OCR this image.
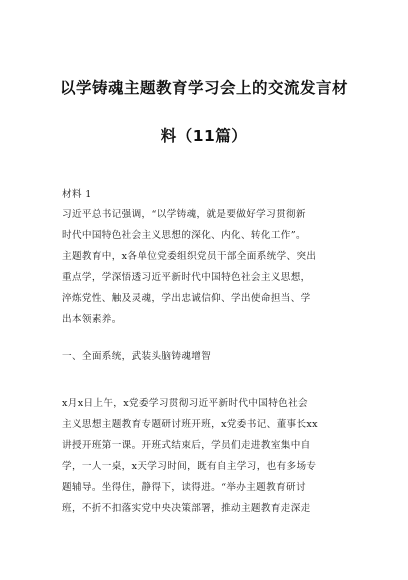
以学铸魂主题教育学习会上的交流发言材
料（11篇）
材料 1
习近平总书记强调，“以学铸魂，就是要做好学习贯彻新
时代中国特色社会主义思想的深化、内化、转化工作”。
主题教育中，x各单位党委组织党员干部全面系统学、突出
重点学，学深悟透习近平新时代中国特色社会主义思想，
淬炼党性、触及灵魂，学出忠诚信仰、学出使命担当、学
出本领素养。
一、全面系统，武装头脑铸魂增智
x月x日上午，x党委学习贯彻习近平新时代中国特色社会
主义思想主题教育专题研讨班开班，x党委书记、董事长xx
讲授开班第一课。开班式结束后，学员们走进教室集中自
学，一人一桌，x天学习时间，既有自主学习，也有多场专
题辅导。坐得住，静得下，读得进。“举办主题教育研讨
班，不折不扣落实党中央决策部署，推动主题教育走深走
